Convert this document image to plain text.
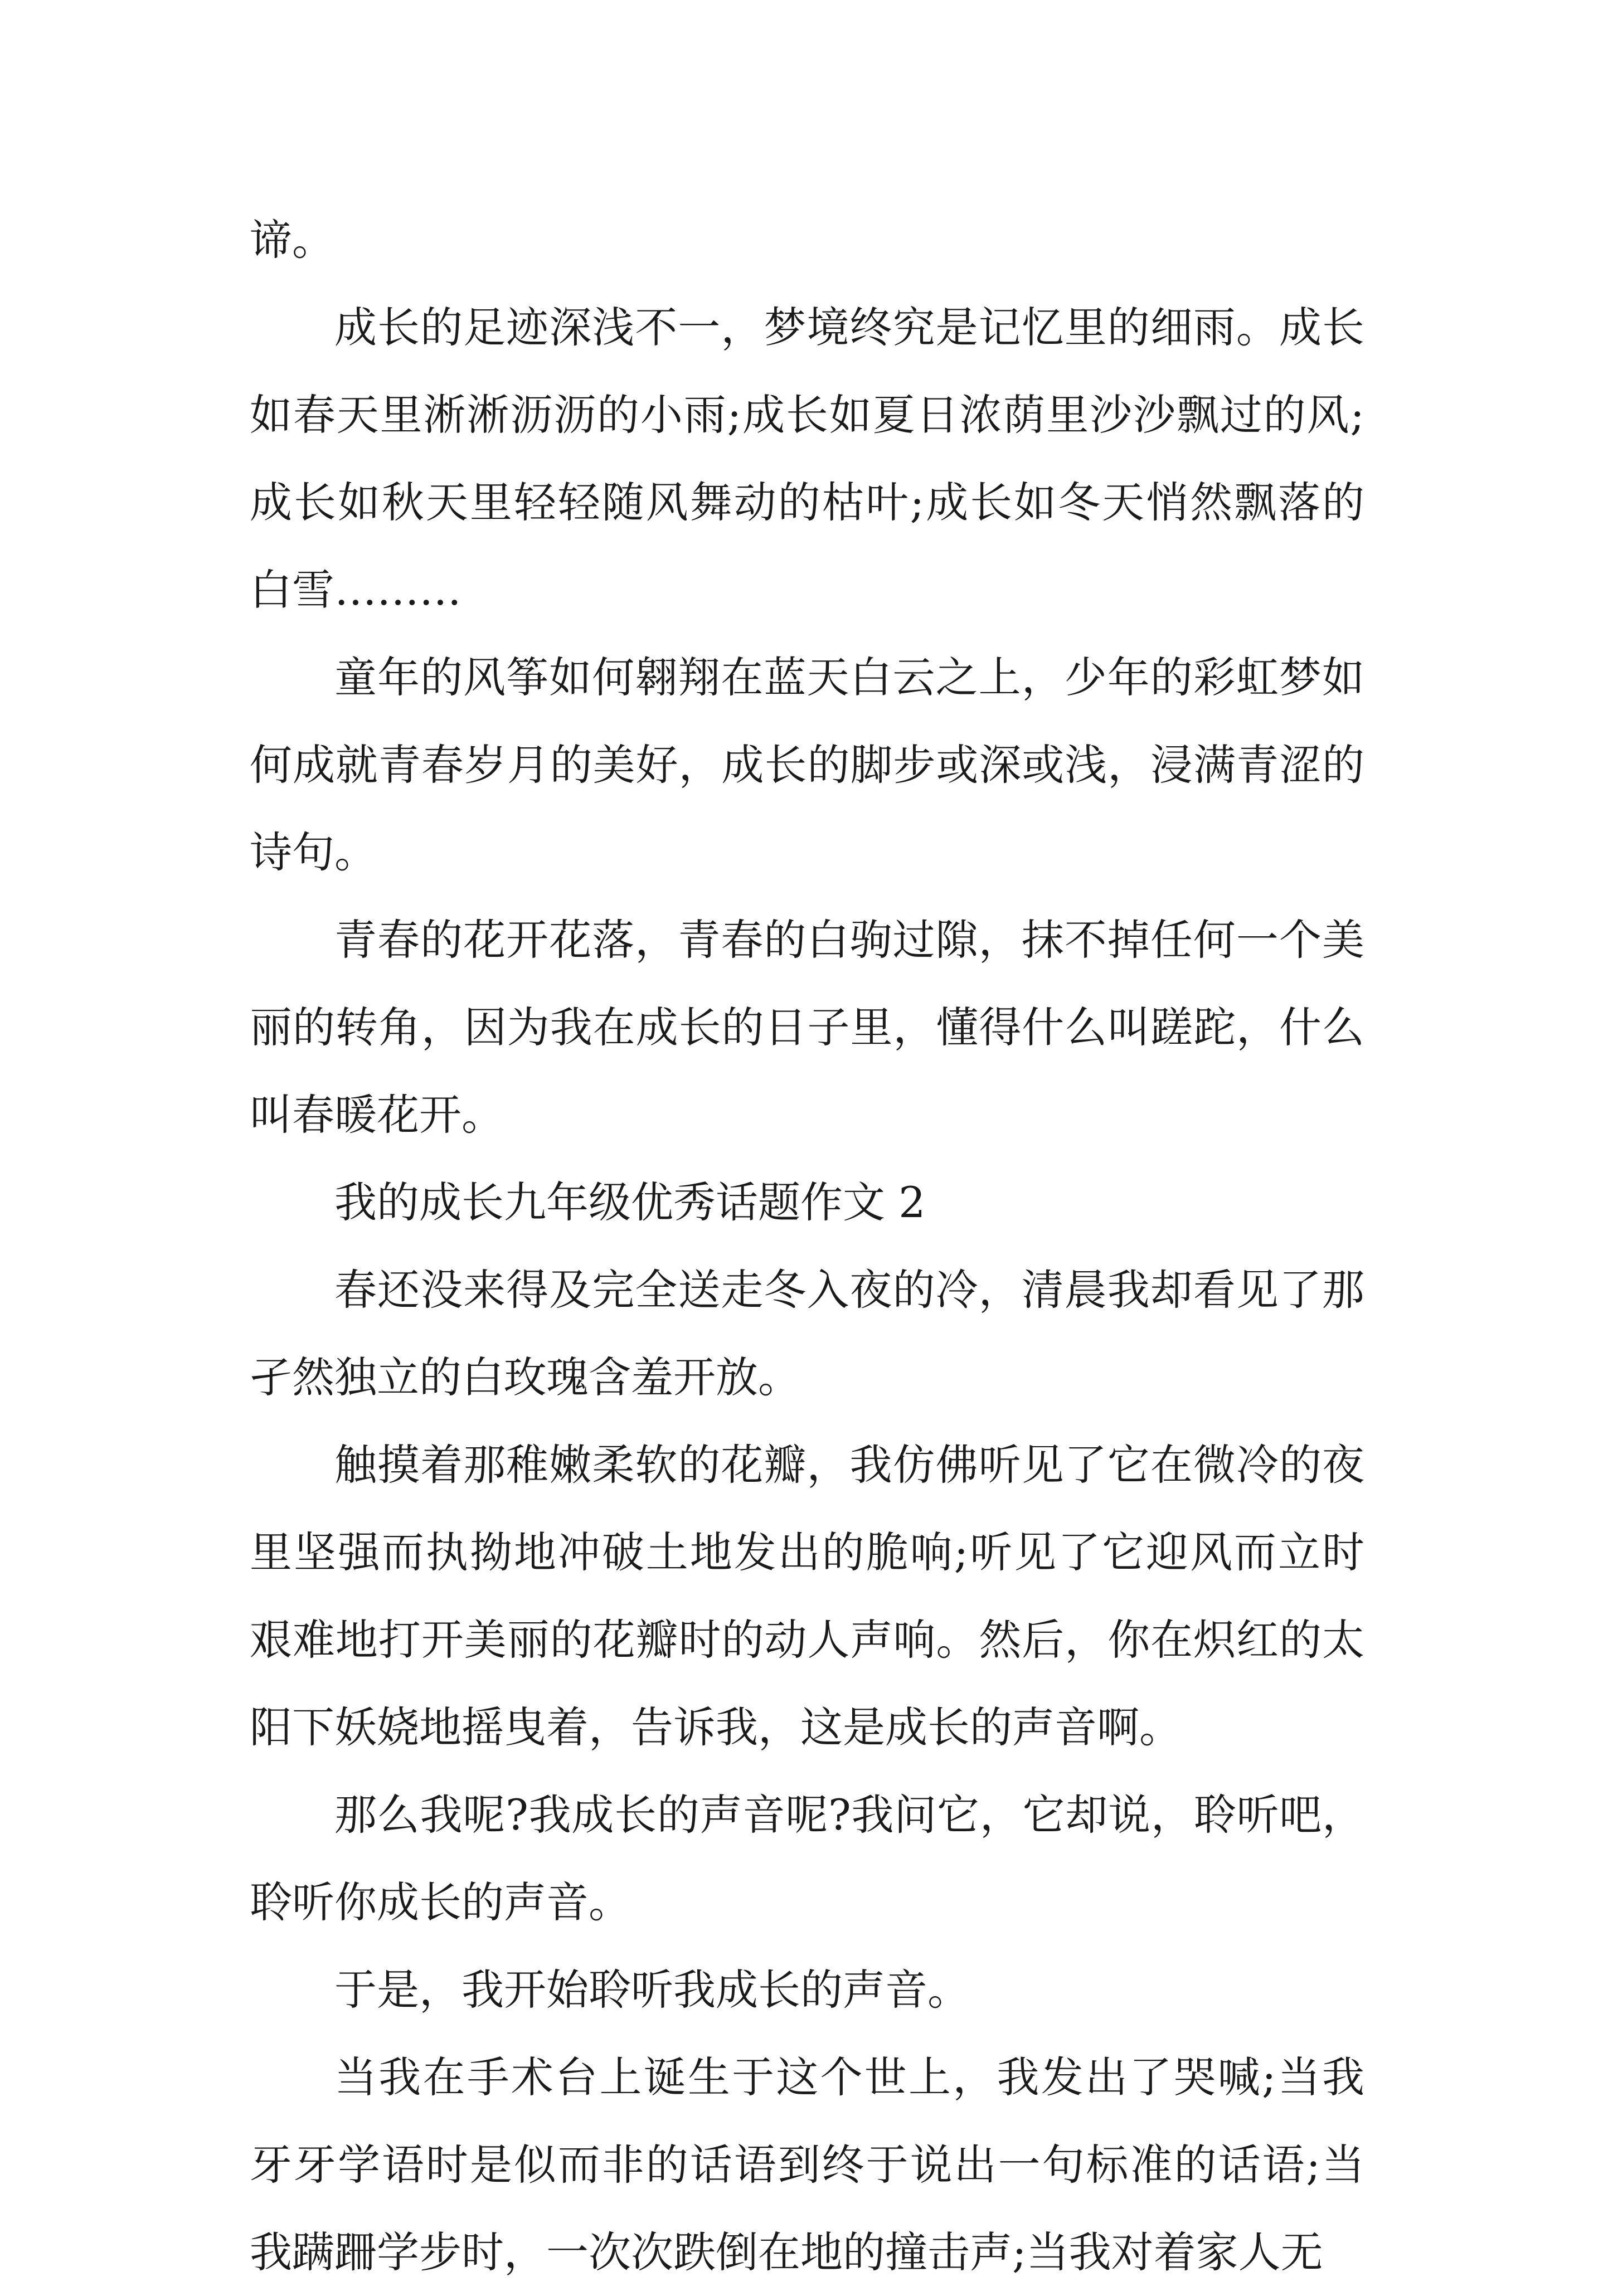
谛。

成长的足迹深浅不一，梦境终究是记忆里的细雨。成长如春天里淅淅沥沥的小雨;成长如夏日浓荫里沙沙飘过的风;成长如秋天里轻轻随风舞动的枯叶;成长如冬天悄然飘落的白雪………

童年的风筝如何翱翔在蓝天白云之上，少年的彩虹梦如何成就青春岁月的美好，成长的脚步或深或浅，浸满青涩的诗句。

青春的花开花落，青春的白驹过隙，抹不掉任何一个美丽的转角，因为我在成长的日子里，懂得什么叫蹉跎，什么叫春暖花开。

我的成长九年级优秀话题作文 2

春还没来得及完全送走冬入夜的冷，清晨我却看见了那孑然独立的白玫瑰含羞开放。

触摸着那稚嫩柔软的花瓣，我仿佛听见了它在微冷的夜里坚强而执拗地冲破土地发出的脆响;听见了它迎风而立时艰难地打开美丽的花瓣时的动人声响。然后，你在炽红的太阳下妖娆地摇曳着，告诉我，这是成长的声音啊。

那么我呢?我成长的声音呢?我问它，它却说，聆听吧，聆听你成长的声音。

于是，我开始聆听我成长的声音。

当我在手术台上诞生于这个世上，我发出了哭喊;当我牙牙学语时是似而非的话语到终于说出一句标准的话语;当我蹒跚学步时，一次次跌倒在地的撞击声;当我对着家人无
